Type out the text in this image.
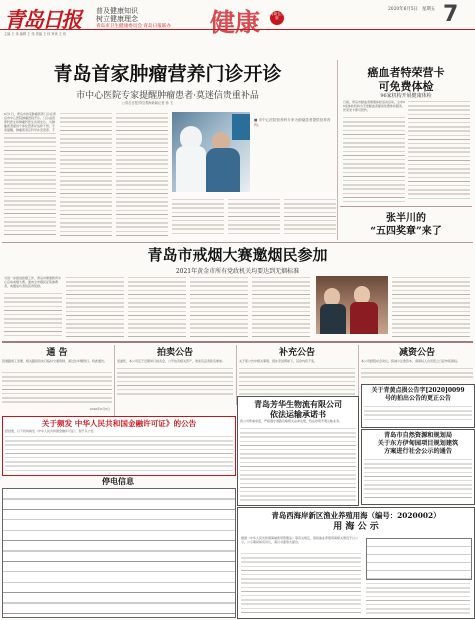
青岛日报 普及健康知识
树立健康理念
青岛市卫生健康委员会 青岛日报联办 健康	每周五出版
2020年6月5日 星期五 7
主编 王 伟 编辑 王 伟 美编 王 伟 审读 王 伟
青岛首家肿瘤营养门诊开诊
市中心医院专家提醒肿瘤患者·莫迷信贵重补品
□青岛日报/青岛观海新闻记者 杨 飞
6月1日，青岛市首家肿瘤营养门诊在青岛市中心医院肿瘤医院开诊。门诊由营养科医生和肿瘤科医生共同坐诊，为肿瘤患者提供个体化营养评估和干预。专家提醒，肿瘤患者应科学补充营养，不
■ 市中心医院营养科专家为肿瘤患者提供营养咨询。
癌血者特荣营卡
可免费体检
96家机构开展健康体检
日前，青岛市献血者健康体检活动启动，全市96家体检机构为无偿献血者提供免费体检服务，凭荣誉卡即可预约。
张半川的
“五四奖章”来了
青岛市戒烟大赛邀烟民参加
2021年黄金市所有党政机关均要达到无烟标准
为进一步推进控烟工作，青岛市健康教育中心启动戒烟大赛，面向全市烟民征集参赛者，戒烟成功者将获得奖励。
通 告
因道路施工需要，相关路段将实行临时交通管制，请过往车辆绕行。特此通告。
2020年6月5日
拍卖公告
受委托，本公司定于近期举行拍卖会，公开拍卖相关资产，欢迎有意者报名参加。
补充公告
关于原公告中相关事项，现补充说明如下，其余内容不变。
减资公告
本公司经股东会决议，拟减少注册资本，请债权人自见报之日起申报债权。
关于频发 中华人民共和国金融许可证》的公告
经批准，以下机构换发《中华人民共和国金融许可证》，现予以公告。
青岛芳华生物流有限公司
依法运输承诺书
我公司郑重承诺，严格遵守道路运输相关法律法规，依法依规开展运输业务。
关于青黄点损公告字[2020]0099
号的拍出公告的更正公告
青岛市自然资源和规划局
关于东方伊甸园项目规划建筑
方案进行社会公示的通告
停电信息
青岛西海岸新区渔业养殖用海（编号：2020002）
用 海 公 示
根据《中华人民共和国海域使用管理法》等有关规定，现将渔业养殖用海相关情况予以公示，公示期间如有异议，请以书面形式提出。
